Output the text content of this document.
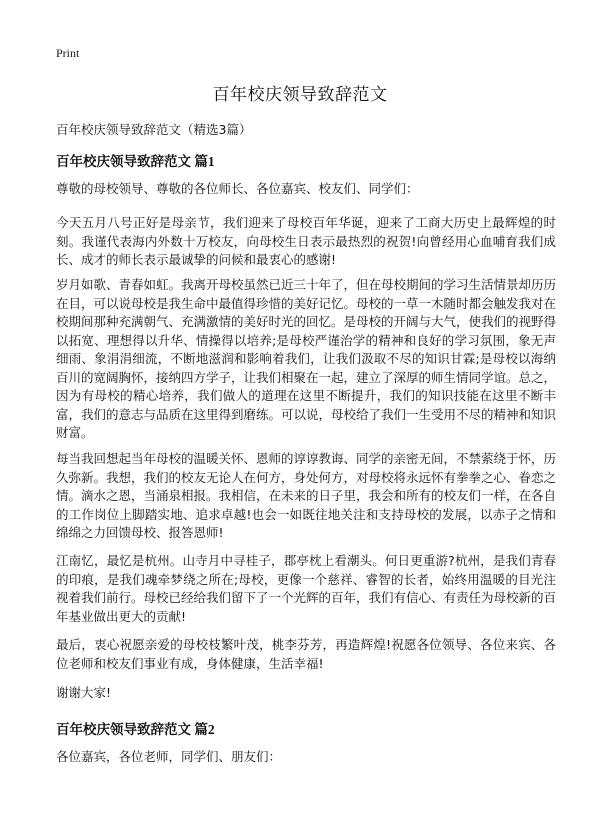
Print
百年校庆领导致辞范文

百年校庆领导致辞范文（精选3篇）

百年校庆领导致辞范文 篇1

尊敬的母校领导、尊敬的各位师长、各位嘉宾、校友们、同学们：

今天五月八号正好是母亲节，我们迎来了母校百年华诞，迎来了工商大历史上最辉煌的时刻。我谨代表海内外数十万校友，向母校生日表示最热烈的祝贺!向曾经用心血哺育我们成长、成才的师长表示最诚挚的问候和最衷心的感谢!

岁月如歌、青春如虹。我离开母校虽然已近三十年了，但在母校期间的学习生活情景却历历在目，可以说母校是我生命中最值得珍惜的美好记忆。母校的一草一木随时都会触发我对在校期间那种充满朝气、充满激情的美好时光的回忆。是母校的开阔与大气，使我们的视野得以拓宽、理想得以升华、情操得以培养;是母校严谨治学的精神和良好的学习氛围，象无声细雨、象涓涓细流，不断地滋润和影响着我们，让我们汲取不尽的知识甘霖;是母校以海纳百川的宽阔胸怀，接纳四方学子，让我们相聚在一起，建立了深厚的师生情同学谊。总之，因为有母校的精心培养，我们做人的道理在这里不断提升，我们的知识技能在这里不断丰富，我们的意志与品质在这里得到磨练。可以说，母校给了我们一生受用不尽的精神和知识财富。

每当我回想起当年母校的温暖关怀、恩师的谆谆教诲、同学的亲密无间，不禁萦绕于怀，历久弥新。我想，我们的校友无论人在何方，身处何方，对母校将永远怀有拳拳之心、眷恋之情。滴水之恩，当涌泉相报。我相信，在未来的日子里，我会和所有的校友们一样，在各自的工作岗位上脚踏实地、追求卓越!也会一如既往地关注和支持母校的发展，以赤子之情和绵绵之力回馈母校、报答恩师!

江南忆，最忆是杭州。山寺月中寻桂子，郡亭枕上看潮头。何日更重游?杭州，是我们青春的印痕，是我们魂牵梦绕之所在;母校，更像一个慈祥、睿智的长者，始终用温暖的目光注视着我们前行。母校已经给我们留下了一个光辉的百年，我们有信心、有责任为母校新的百年基业做出更大的贡献!

最后，衷心祝愿亲爱的母校枝繁叶茂，桃李芬芳，再造辉煌!祝愿各位领导、各位来宾、各位老师和校友们事业有成，身体健康，生活幸福!

谢谢大家!

百年校庆领导致辞范文 篇2

各位嘉宾，各位老师，同学们、朋友们：
